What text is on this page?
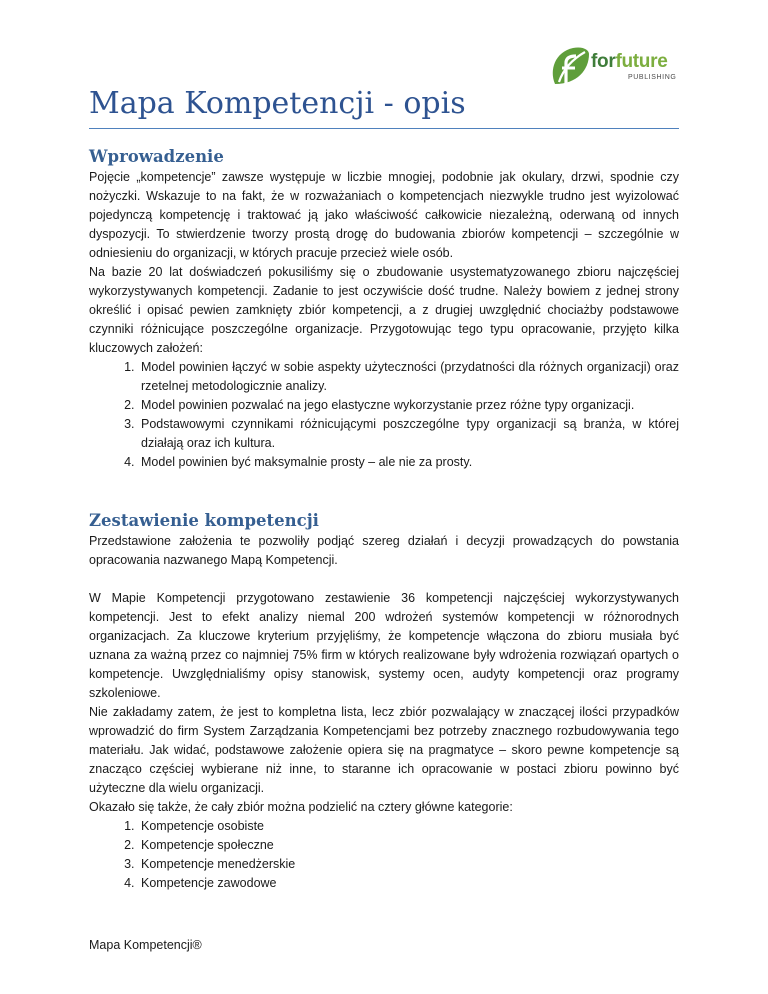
forfuture
PUBLISHING
Mapa Kompetencji - opis
Wprowadzenie

Pojęcie „kompetencje” zawsze występuje w liczbie mnogiej, podobnie jak okulary, drzwi, spodnie czy nożyczki. Wskazuje to na fakt, że w rozważaniach o kompetencjach niezwykle trudno jest wyizolować pojedynczą kompetencję i traktować ją jako właściwość całkowicie niezależną, oderwaną od innych dyspozycji. To stwierdzenie tworzy prostą drogę do budowania zbiorów kompetencji – szczególnie w odniesieniu do organizacji, w których pracuje przecież wiele osób.

Na bazie 20 lat doświadczeń pokusiliśmy się o zbudowanie usystematyzowanego zbioru najczęściej wykorzystywanych kompetencji. Zadanie to jest oczywiście dość trudne. Należy bowiem z jednej strony określić i opisać pewien zamknięty zbiór kompetencji, a z drugiej uwzględnić chociażby podstawowe czynniki różnicujące poszczególne organizacje. Przygotowując tego typu opracowanie, przyjęto kilka kluczowych założeń:

1. Model powinien łączyć w sobie aspekty użyteczności (przydatności dla różnych organizacji) oraz rzetelnej metodologicznie analizy.
2. Model powinien pozwalać na jego elastyczne wykorzystanie przez różne typy organizacji.
3. Podstawowymi czynnikami różnicującymi poszczególne typy organizacji są branża, w której działają oraz ich kultura.
4. Model powinien być maksymalnie prosty – ale nie za prosty.
Zestawienie kompetencji

Przedstawione założenia te pozwoliły podjąć szereg działań i decyzji prowadzących do powstania opracowania nazwanego Mapą Kompetencji.

W Mapie Kompetencji przygotowano zestawienie 36 kompetencji najczęściej wykorzystywanych kompetencji. Jest to efekt analizy niemal 200 wdrożeń systemów kompetencji w różnorodnych organizacjach. Za kluczowe kryterium przyjęliśmy, że kompetencje włączona do zbioru musiała być uznana za ważną przez co najmniej 75% firm w których realizowane były wdrożenia rozwiązań opartych o kompetencje. Uwzględnialiśmy opisy stanowisk, systemy ocen, audyty kompetencji oraz programy szkoleniowe.

Nie zakładamy zatem, że jest to kompletna lista, lecz zbiór pozwalający w znaczącej ilości przypadków wprowadzić do firm System Zarządzania Kompetencjami bez potrzeby znacznego rozbudowywania tego materiału. Jak widać, podstawowe założenie opiera się na pragmatyce – skoro pewne kompetencje są znacząco częściej wybierane niż inne, to staranne ich opracowanie w postaci zbioru powinno być użyteczne dla wielu organizacji.

Okazało się także, że cały zbiór można podzielić na cztery główne kategorie:

1. Kompetencje osobiste
2. Kompetencje społeczne
3. Kompetencje menedżerskie
4. Kompetencje zawodowe
Mapa Kompetencji®
